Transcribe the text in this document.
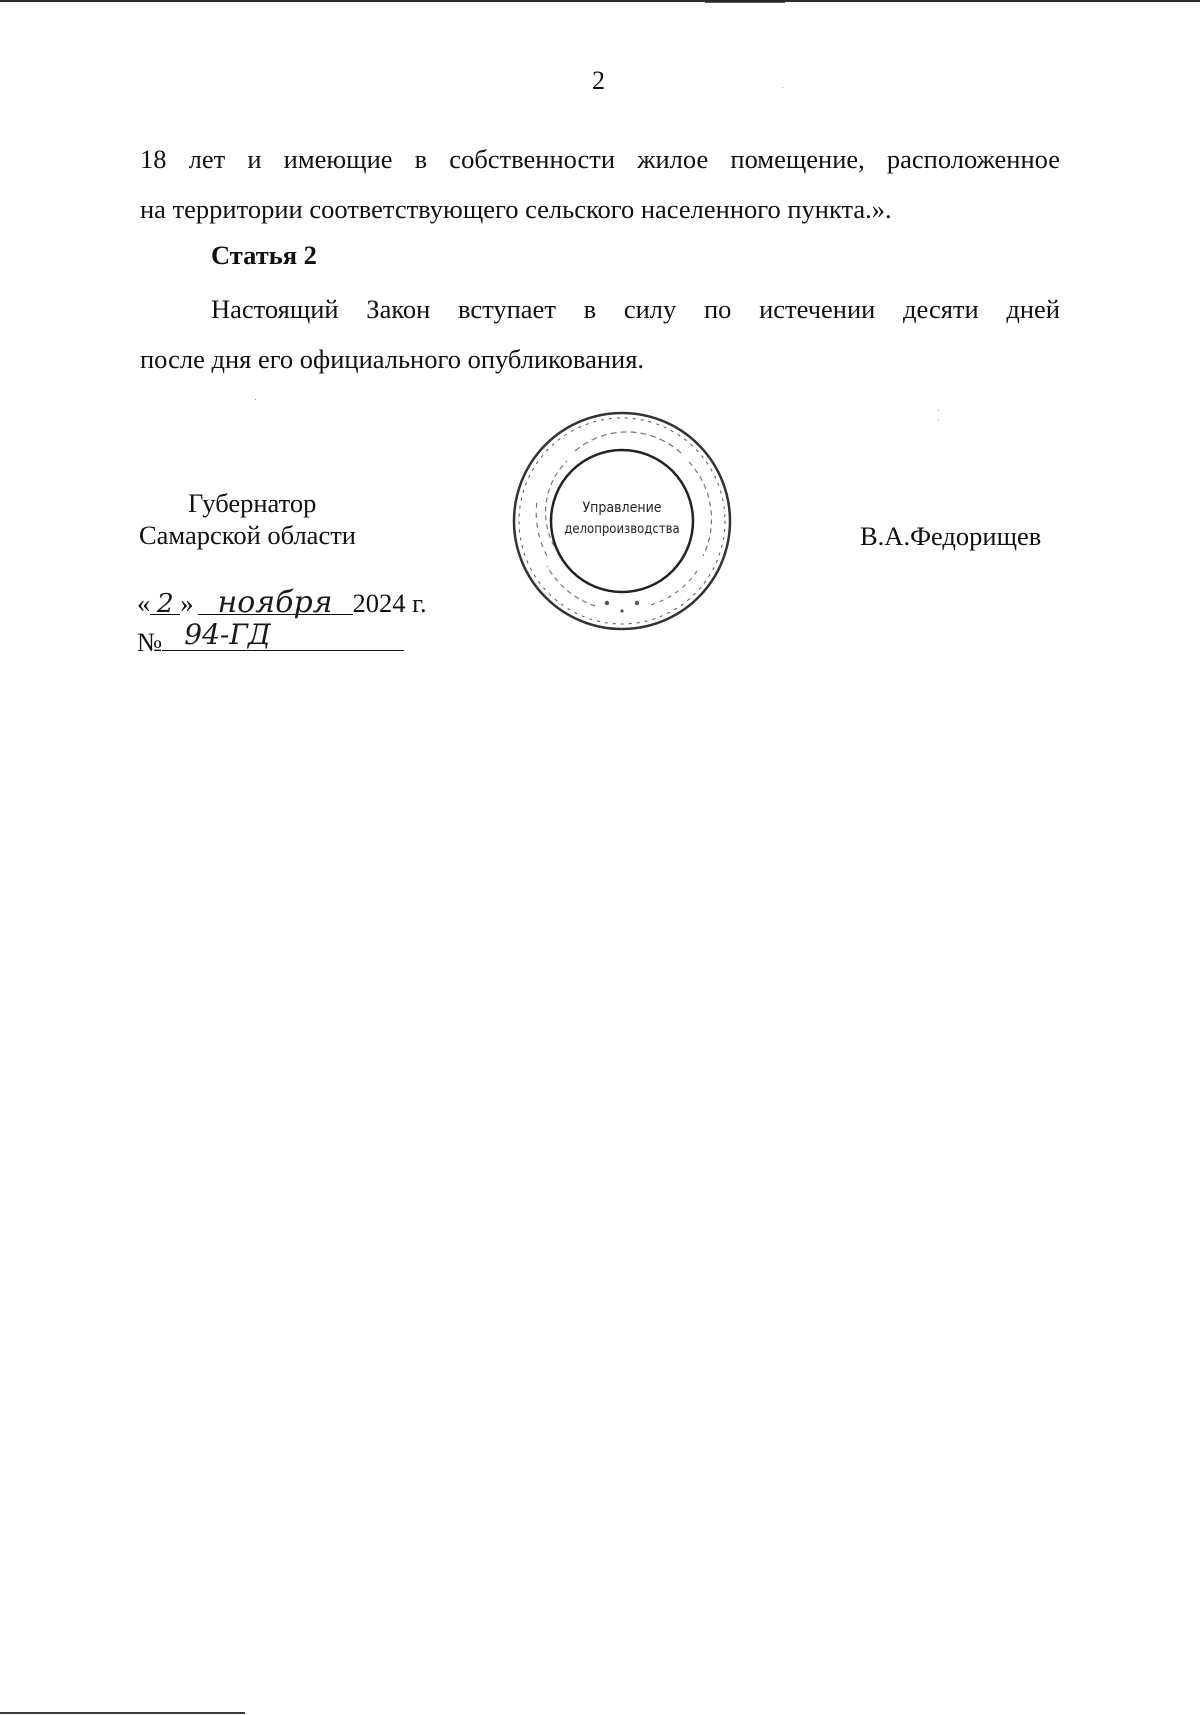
2
18 лет и имеющие в собственности жилое помещение, расположенное
на территории соответствующего сельского населенного пункта.».
Статья 2
Настоящий Закон вступает в силу по истечении десяти дней
после дня его официального опубликования.
Губернатор
Самарской области	В.А.Федорищев
« 2 » ноября 2024 г.
№ 94-ГД
Управление
делопроизводства
